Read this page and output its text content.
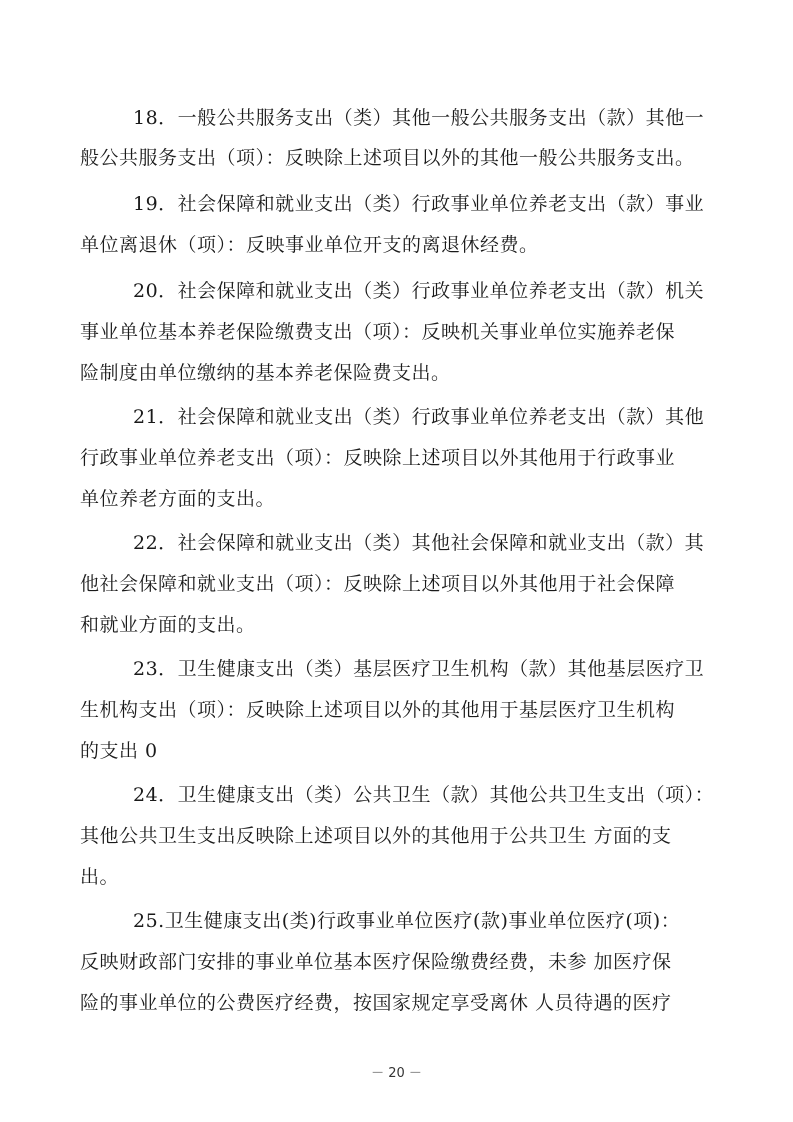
18．一般公共服务支出（类）其他一般公共服务支出（款）其他一
般公共服务支出（项）：反映除上述项目以外的其他一般公共服务支出。
19．社会保障和就业支出（类）行政事业单位养老支出（款）事业
单位离退休（项）：反映事业单位开支的离退休经费。
20．社会保障和就业支出（类）行政事业单位养老支出（款）机关
事业单位基本养老保险缴费支出（项）：反映机关事业单位实施养老保
险制度由单位缴纳的基本养老保险费支出。
21．社会保障和就业支出（类）行政事业单位养老支出（款）其他
行政事业单位养老支出（项）：反映除上述项目以外其他用于行政事业
单位养老方面的支出。
22．社会保障和就业支出（类）其他社会保障和就业支出（款）其
他社会保障和就业支出（项）：反映除上述项目以外其他用于社会保障
和就业方面的支出。
23．卫生健康支出（类）基层医疗卫生机构（款）其他基层医疗卫
生机构支出（项）：反映除上述项目以外的其他用于基层医疗卫生机构
的支出 0
24．卫生健康支出（类）公共卫生（款）其他公共卫生支出（项）：
其他公共卫生支出反映除上述项目以外的其他用于公共卫生 方面的支
出。
25.卫生健康支出(类)行政事业单位医疗(款)事业单位医疗(项)：
反映财政部门安排的事业单位基本医疗保险缴费经费，未参 加医疗保
险的事业单位的公费医疗经费，按国家规定享受离休 人员待遇的医疗
－ 20 －
